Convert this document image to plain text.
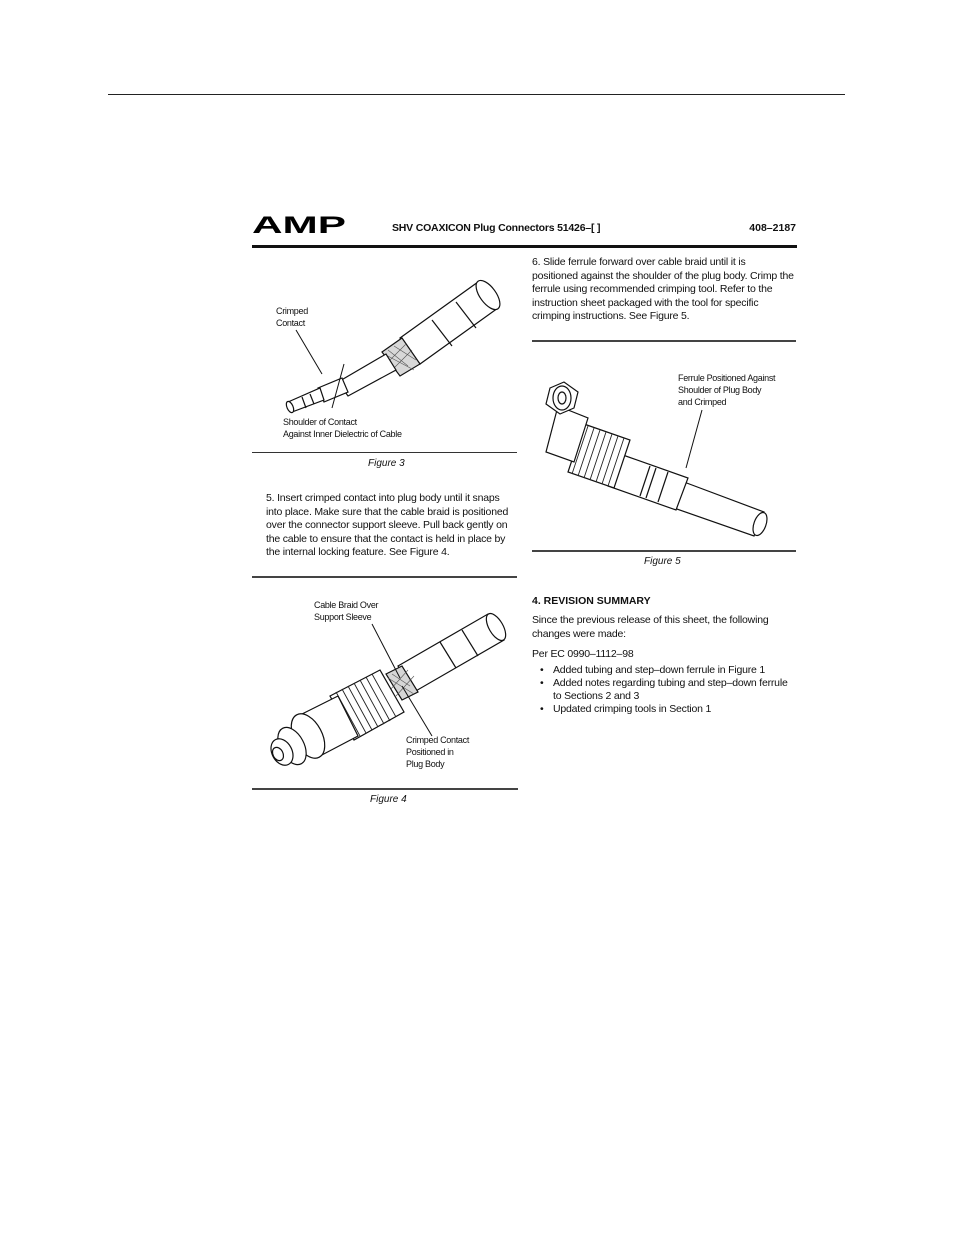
AMP	SHV COAXICON Plug Connectors 51426–[ ]	408–2187
Crimped
Contact
Shoulder of Contact
Against Inner Dielectric of Cable
Figure 3
5. Insert crimped contact into plug body until it snaps into place. Make sure that the cable braid is positioned over the connector support sleeve. Pull back gently on the cable to ensure that the contact is held in place by the internal locking feature. See Figure 4.
Cable Braid Over
Support Sleeve
Crimped Contact
Positioned in
Plug Body
Figure 4
6. Slide ferrule forward over cable braid until it is positioned against the shoulder of the plug body. Crimp the ferrule using recommended crimping tool. Refer to the instruction sheet packaged with the tool for specific crimping instructions. See Figure 5.
Ferrule Positioned Against
Shoulder of Plug Body
and Crimped
Figure 5
4. REVISION SUMMARY
Since the previous release of this sheet, the following changes were made:
Per EC 0990–1112–98
• Added tubing and step–down ferrule in Figure 1
• Added notes regarding tubing and step–down ferrule to Sections 2 and 3
• Updated crimping tools in Section 1
